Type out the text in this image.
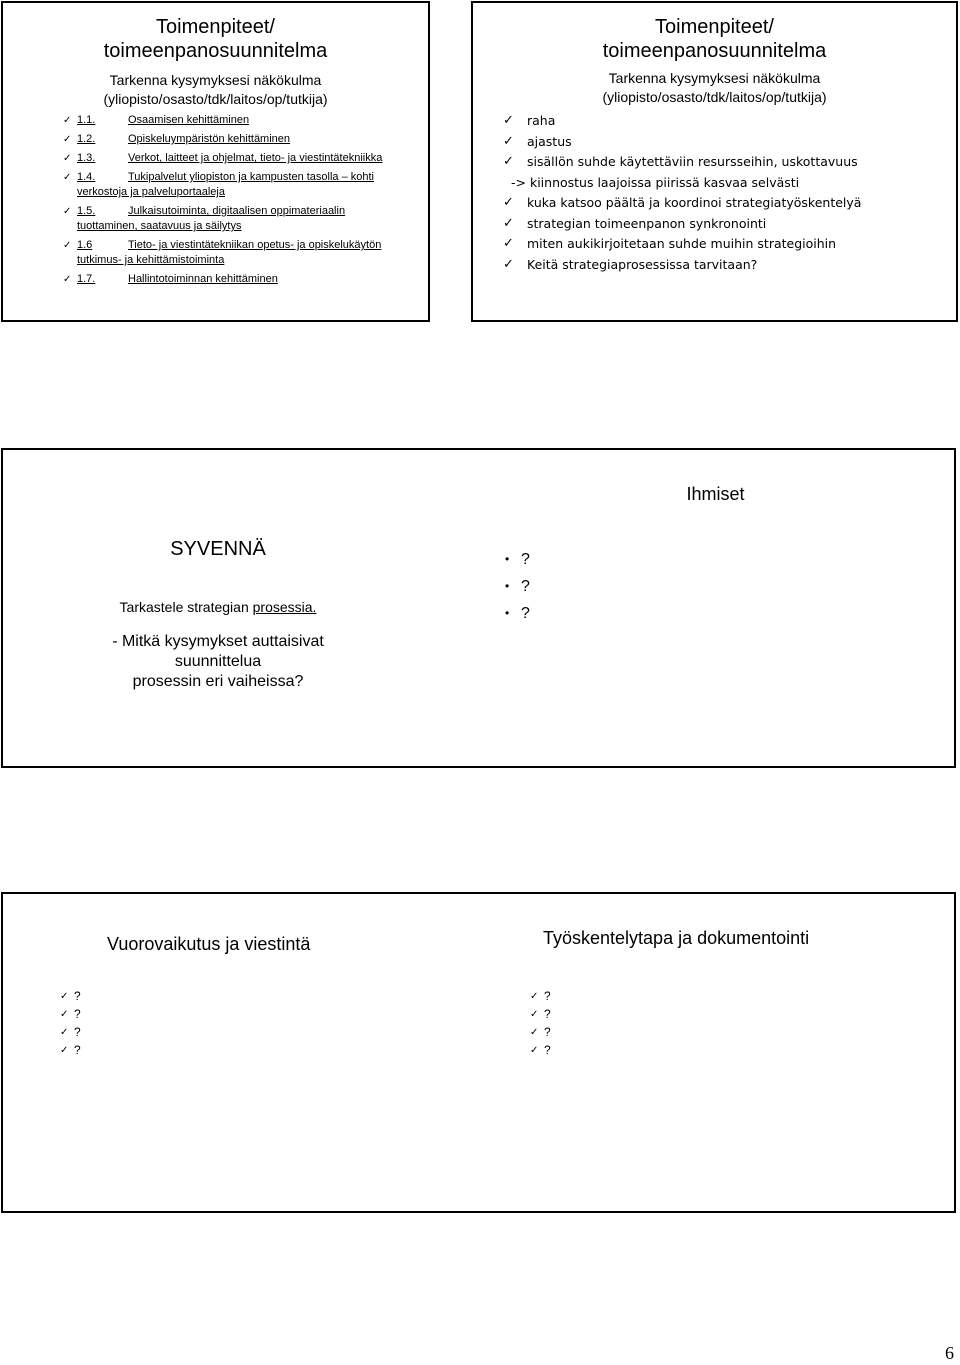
Toimenpiteet/
toimeenpanosuunnitelma
Tarkenna kysymyksesi näkökulma
(yliopisto/osasto/tdk/laitos/op/tutkija)
✓ 1.1.	Osaamisen kehittäminen
✓ 1.2.	Opiskeluympäristön kehittäminen
✓ 1.3.	Verkot, laitteet ja ohjelmat, tieto- ja viestintätekniikka
✓ 1.4.	Tukipalvelut yliopiston ja kampusten tasolla – kohti verkostoja ja palveluportaaleja
✓ 1.5.	Julkaisutoiminta, digitaalisen oppimateriaalin tuottaminen, saatavuus ja säilytys
✓ 1.6	Tieto- ja viestintätekniikan opetus- ja opiskelukäytön tutkimus- ja kehittämistoiminta
✓ 1.7.	Hallintotoiminnan kehittäminen
Toimenpiteet/
toimeenpanosuunnitelma
Tarkenna kysymyksesi näkökulma
(yliopisto/osasto/tdk/laitos/op/tutkija)
✓ raha
✓ ajastus
✓ sisällön suhde käytettäviin resursseihin, uskottavuus
-> kiinnostus laajoissa piirissä kasvaa selvästi
✓ kuka katsoo päältä ja koordinoi strategiatyöskentelyä
✓ strategian toimeenpanon synkronointi
✓ miten aukikirjoitetaan suhde muihin strategioihin
✓ Keitä strategiaprosessissa tarvitaan?
SYVENNÄ
Tarkastele strategian prosessia.
- Mitkä kysymykset auttaisivat
suunnittelua
prosessin eri vaiheissa?
Ihmiset
• ?
• ?
• ?
Vuorovaikutus ja viestintä
✓ ?
✓ ?
✓ ?
✓ ?
Työskentelytapa ja dokumentointi
✓ ?
✓ ?
✓ ?
✓ ?
6
